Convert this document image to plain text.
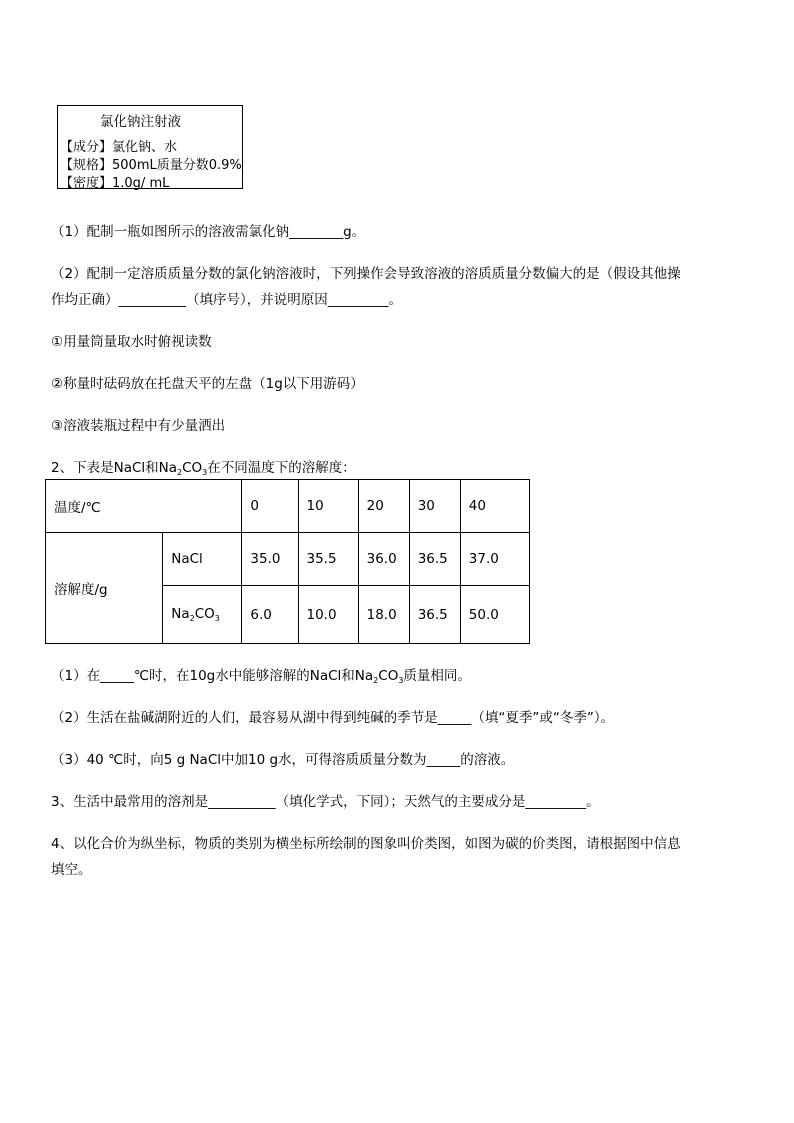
氯化钠注射液
【成分】氯化钠、水
【规格】500mL质量分数0.9%
【密度】1.0g/ mL
（1）配制一瓶如图所示的溶液需氯化钠________g。
（2）配制一定溶质质量分数的氯化钠溶液时，下列操作会导致溶液的溶质质量分数偏大的是（假设其他操
作均正确）__________（填序号），并说明原因_________。
①用量筒量取水时俯视读数
②称量时砝码放在托盘天平的左盘（1g以下用游码）
③溶液装瓶过程中有少量洒出
2、下表是NaCl和$Na_2CO_3$在不同温度下的溶解度：
温度/℃		0	10	20	30	40
溶解度/g	NaCl	35.0	35.5	36.0	36.5	37.0
	$Na_2CO_3$	6.0	10.0	18.0	36.5	50.0
（1）在_____℃时，在10g水中能够溶解的NaCl和$Na_2CO_3$质量相同。
（2）生活在盐碱湖附近的人们，最容易从湖中得到纯碱的季节是_____（填“夏季”或“冬季”）。
（3）40 ℃时，向5 g NaCl中加10 g水，可得溶质质量分数为_____的溶液。
3、生活中最常用的溶剂是__________（填化学式，下同）；天然气的主要成分是_________。
4、以化合价为纵坐标，物质的类别为横坐标所绘制的图象叫价类图，如图为碳的价类图，请根据图中信息
填空。
